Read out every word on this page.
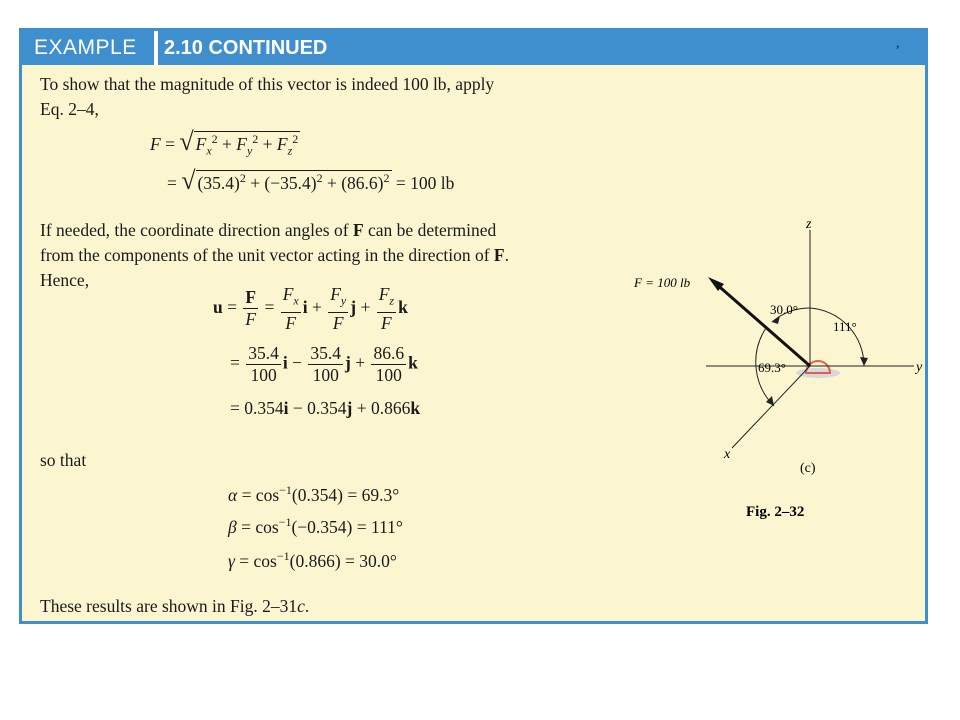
EXAMPLE 2.10 CONTINUED	,
To show that the magnitude of this vector is indeed 100 lb, apply
Eq. 2–4,
F = √ $F_x^2 + F_y^2 + F_z^2$
= √ $(35.4)^2 + (-35.4)^2 + (86.6)^2 = 100$ lb
If needed, the coordinate direction angles of F can be determined
from the components of the unit vector acting in the direction of F.
Hence,
$u = \frac{F}{F} = \frac{F_x}{F}$ $i + \frac{F_y}{F}$ $j + \frac{F_z}{F}$ k
= $\frac{35.4}{100}$ $i - \frac{35.4}{100}$ $j + \frac{86.6}{100}$ k
= 0.354i − 0.354j + 0.866k
so that
$\alpha = \cos^{-1}(0.354) = 69.3^\circ$
$\beta = \cos^{-1}(-0.354) = 111^\circ$
$\gamma = \cos^{-1}(0.866) = 30.0^\circ$
These results are shown in Fig. 2–31c.
F = 100 lb
z
y
x
30.0°
111°
69.3°
(c)
Fig. 2–32
